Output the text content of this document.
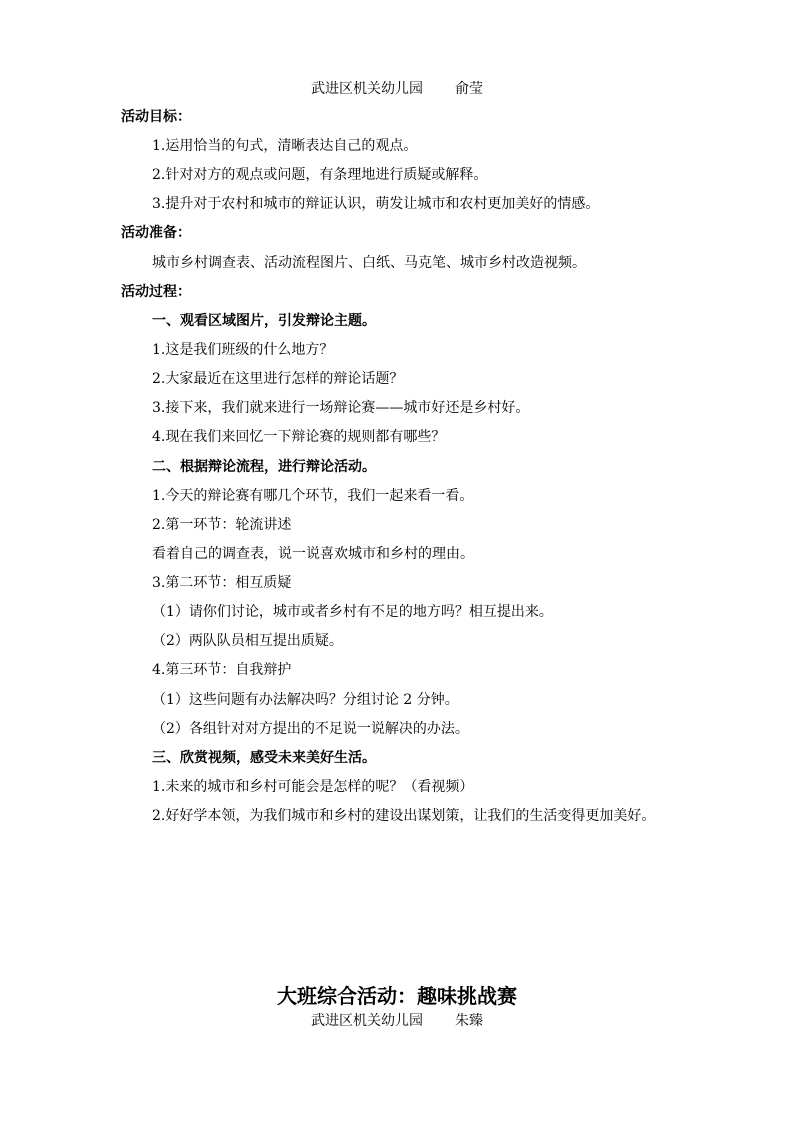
武进区机关幼儿园 俞莹
活动目标：
1.运用恰当的句式，清晰表达自己的观点。
2.针对对方的观点或问题，有条理地进行质疑或解释。
3.提升对于农村和城市的辩证认识，萌发让城市和农村更加美好的情感。
活动准备：
城市乡村调查表、活动流程图片、白纸、马克笔、城市乡村改造视频。
活动过程：
一、观看区域图片，引发辩论主题。
1.这是我们班级的什么地方？
2.大家最近在这里进行怎样的辩论话题？
3.接下来，我们就来进行一场辩论赛——城市好还是乡村好。
4.现在我们来回忆一下辩论赛的规则都有哪些？
二、根据辩论流程，进行辩论活动。
1.今天的辩论赛有哪几个环节，我们一起来看一看。
2.第一环节：轮流讲述
看着自己的调查表，说一说喜欢城市和乡村的理由。
3.第二环节：相互质疑
（1）请你们讨论，城市或者乡村有不足的地方吗？相互提出来。
（2）两队队员相互提出质疑。
4.第三环节：自我辩护
（1）这些问题有办法解决吗？分组讨论 2 分钟。
（2）各组针对对方提出的不足说一说解决的办法。
三、欣赏视频，感受未来美好生活。
1.未来的城市和乡村可能会是怎样的呢？（看视频）
2.好好学本领，为我们城市和乡村的建设出谋划策，让我们的生活变得更加美好。
大班综合活动：趣味挑战赛
武进区机关幼儿园 朱臻
